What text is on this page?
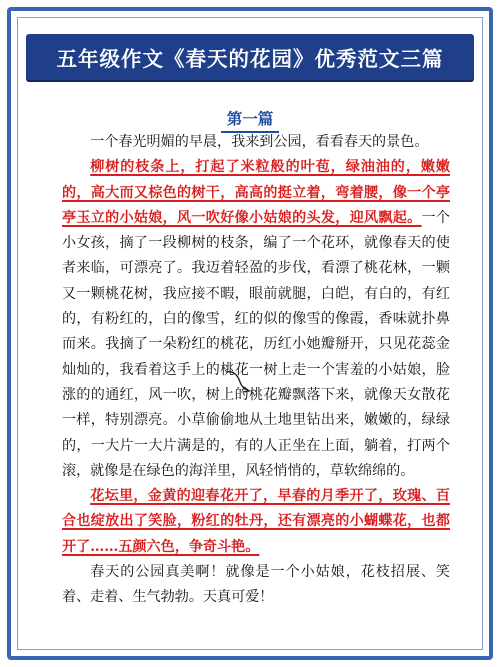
五年级作文《春天的花园》优秀范文三篇
第一篇

一个春光明媚的早晨，我来到公园，看看春天的景色。

柳树的枝条上，打起了米粒般的叶苞，绿油油的，嫩嫩的，高大而又棕色的树干，高高的挺立着，弯着腰，像一个亭亭玉立的小姑娘，风一吹好像小姑娘的头发，迎风飘起。一个小女孩，摘了一段柳树的枝条，编了一个花环，就像春天的使者来临，可漂亮了。我迈着轻盈的步伐，看漂了桃花林，一颗又一颗桃花树，我应接不暇，眼前就腿，白皑，有白的，有红的，有粉红的，白的像雪，红的似的像雪的像霞，香味就扑鼻而来。我摘了一朵粉红的桃花，历红小她瓣掰开，只见花蕊金灿灿的，我看着这手上的桃花一树上走一个害羞的小姑娘，脸涨的的通红，风一吹，树上的桃花瓣飘落下来，就像天女散花一样，特别漂亮。小草偷偷地从土地里钻出来，嫩嫩的，绿绿的，一大片一大片满是的，有的人正坐在上面，躺着，打两个滚，就像是在绿色的海洋里，风轻悄悄的，草软绵绵的。

花坛里，金黄的迎春花开了，早春的月季开了，玫瑰、百合也绽放出了笑脸，粉红的牡丹，还有漂亮的小蝴蝶花，也都开了……五颜六色，争奇斗艳。

春天的公园真美啊！就像是一个小姑娘，花枝招展、笑着、走着、生气勃勃。天真可爱！
